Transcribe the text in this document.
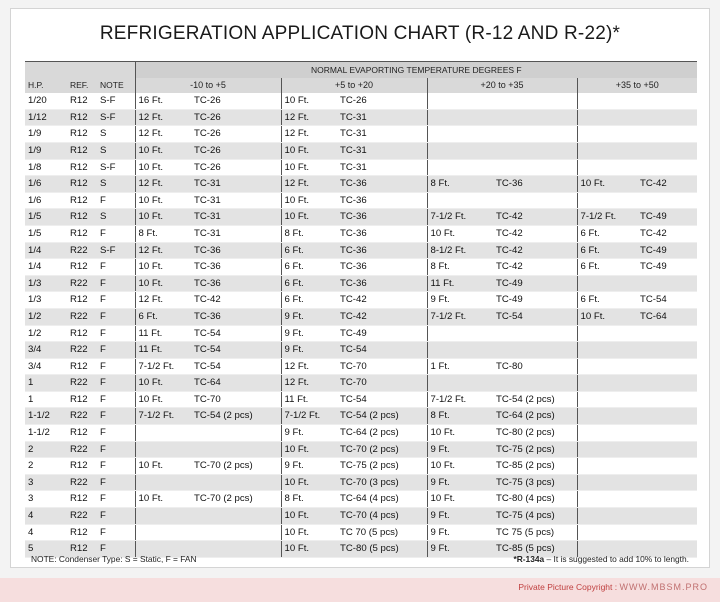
REFRIGERATION APPLICATION CHART (R-12 AND R-22)*
			NORMAL EVAPORTING TEMPERATURE DEGREES F							
H.P.	REF.	NOTE	-10 to +5		+5 to +20		+20 to +35		+35 to +50	
1/20	R12	S-F	16 Ft.	TC-26	10 Ft.	TC-26				
1/12	R12	S-F	12 Ft.	TC-26	12 Ft.	TC-31				
1/9	R12	S	12 Ft.	TC-26	12 Ft.	TC-31				
1/9	R12	S	10 Ft.	TC-26	10 Ft.	TC-31				
1/8	R12	S-F	10 Ft.	TC-26	10 Ft.	TC-31				
1/6	R12	S	12 Ft.	TC-31	12 Ft.	TC-36	8 Ft.	TC-36	10 Ft.	TC-42
1/6	R12	F	10 Ft.	TC-31	10 Ft.	TC-36				
1/5	R12	S	10 Ft.	TC-31	10 Ft.	TC-36	7-1/2 Ft.	TC-42	7-1/2 Ft.	TC-49
1/5	R12	F	8 Ft.	TC-31	8 Ft.	TC-36	10 Ft.	TC-42	6 Ft.	TC-42
1/4	R22	S-F	12 Ft.	TC-36	6 Ft.	TC-36	8-1/2 Ft.	TC-42	6 Ft.	TC-49
1/4	R12	F	10 Ft.	TC-36	6 Ft.	TC-36	8 Ft.	TC-42	6 Ft.	TC-49
1/3	R22	F	10 Ft.	TC-36	6 Ft.	TC-36	11 Ft.	TC-49		
1/3	R12	F	12 Ft.	TC-42	6 Ft.	TC-42	9 Ft.	TC-49	6 Ft.	TC-54
1/2	R22	F	6 Ft.	TC-36	9 Ft.	TC-42	7-1/2 Ft.	TC-54	10 Ft.	TC-64
1/2	R12	F	11 Ft.	TC-54	9 Ft.	TC-49				
3/4	R22	F	11 Ft.	TC-54	9 Ft.	TC-54				
3/4	R12	F	7-1/2 Ft.	TC-54	12 Ft.	TC-70	1 Ft.	TC-80		
1	R22	F	10 Ft.	TC-64	12 Ft.	TC-70				
1	R12	F	10 Ft.	TC-70	11 Ft.	TC-54	7-1/2 Ft.	TC-54 (2 pcs)		
1-1/2	R22	F	7-1/2 Ft.	TC-54 (2 pcs)	7-1/2 Ft.	TC-54 (2 pcs)	8 Ft.	TC-64 (2 pcs)		
1-1/2	R12	F			9 Ft.	TC-64 (2 pcs)	10 Ft.	TC-80 (2 pcs)		
2	R22	F			10 Ft.	TC-70 (2 pcs)	9 Ft.	TC-75 (2 pcs)		
2	R12	F	10 Ft.	TC-70 (2 pcs)	9 Ft.	TC-75 (2 pcs)	10 Ft.	TC-85 (2 pcs)		
3	R22	F			10 Ft.	TC-70 (3 pcs)	9 Ft.	TC-75 (3 pcs)		
3	R12	F	10 Ft.	TC-70 (2 pcs)	8 Ft.	TC-64 (4 pcs)	10 Ft.	TC-80 (4 pcs)		
4	R22	F			10 Ft.	TC-70 (4 pcs)	9 Ft.	TC-75 (4 pcs)		
4	R12	F			10 Ft.	TC 70 (5 pcs)	9 Ft.	TC 75 (5 pcs)		
5	R12	F			10 Ft.	TC-80 (5 pcs)	9 Ft.	TC-85 (5 pcs)		
NOTE: Condenser Type: S = Static, F = FAN	*R-134a – It is suggested to add 10% to length.
Private Picture Copyright : WWW.MBSM.PRO
